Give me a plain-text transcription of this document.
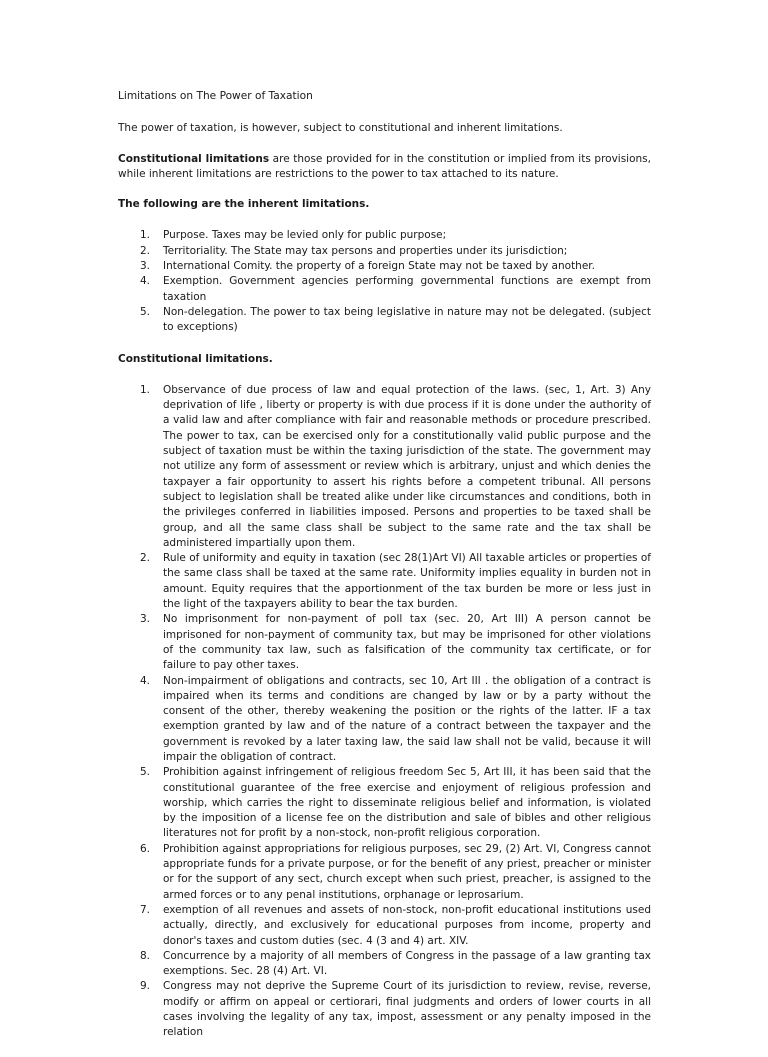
Limitations on The Power of Taxation
The power of taxation, is however, subject to constitutional and inherent limitations.
Constitutional limitations are those provided for in the constitution or implied from its provisions, while inherent limitations are restrictions to the power to tax attached to its nature.
The following are the inherent limitations.
1. Purpose. Taxes may be levied only for public purpose;
2. Territoriality. The State may tax persons and properties under its jurisdiction;
3. International Comity. the property of a foreign State may not be taxed by another.
4. Exemption. Government agencies performing governmental functions are exempt from taxation
5. Non-delegation. The power to tax being legislative in nature may not be delegated. (subject to exceptions)
Constitutional limitations.
1. Observance of due process of law and equal protection of the laws. (sec, 1, Art. 3) Any deprivation of life , liberty or property is with due process if it is done under the authority of a valid law and after compliance with fair and reasonable methods or procedure prescribed. The power to tax, can be exercised only for a constitutionally valid public purpose and the subject of taxation must be within the taxing jurisdiction of the state. The government may not utilize any form of assessment or review which is arbitrary, unjust and which denies the taxpayer a fair opportunity to assert his rights before a competent tribunal. All persons subject to legislation shall be treated alike under like circumstances and conditions, both in the privileges conferred in liabilities imposed. Persons and properties to be taxed shall be group, and all the same class shall be subject to the same rate and the tax shall be administered impartially upon them.
2. Rule of uniformity and equity in taxation (sec 28(1)Art VI) All taxable articles or properties of the same class shall be taxed at the same rate. Uniformity implies equality in burden not in amount. Equity requires that the apportionment of the tax burden be more or less just in the light of the taxpayers ability to bear the tax burden.
3. No imprisonment for non-payment of poll tax (sec. 20, Art III) A person cannot be imprisoned for non-payment of community tax, but may be imprisoned for other violations of the community tax law, such as falsification of the community tax certificate, or for failure to pay other taxes.
4. Non-impairment of obligations and contracts, sec 10, Art III . the obligation of a contract is impaired when its terms and conditions are changed by law or by a party without the consent of the other, thereby weakening the position or the rights of the latter. IF a tax exemption granted by law and of the nature of a contract between the taxpayer and the government is revoked by a later taxing law, the said law shall not be valid, because it will impair the obligation of contract.
5. Prohibition against infringement of religious freedom Sec 5, Art III, it has been said that the constitutional guarantee of the free exercise and enjoyment of religious profession and worship, which carries the right to disseminate religious belief and information, is violated by the imposition of a license fee on the distribution and sale of bibles and other religious literatures not for profit by a non-stock, non-profit religious corporation.
6. Prohibition against appropriations for religious purposes, sec 29, (2) Art. VI, Congress cannot appropriate funds for a private purpose, or for the benefit of any priest, preacher or minister or for the support of any sect, church except when such priest, preacher, is assigned to the armed forces or to any penal institutions, orphanage or leprosarium.
7. exemption of all revenues and assets of non-stock, non-profit educational institutions used actually, directly, and exclusively for educational purposes from income, property and donor's taxes and custom duties (sec. 4 (3 and 4) art. XIV.
8. Concurrence by a majority of all members of Congress in the passage of a law granting tax exemptions. Sec. 28 (4) Art. VI.
9. Congress may not deprive the Supreme Court of its jurisdiction to review, revise, reverse, modify or affirm on appeal or certiorari, final judgments and orders of lower courts in all cases involving the legality of any tax, impost, assessment or any penalty imposed in the relation
